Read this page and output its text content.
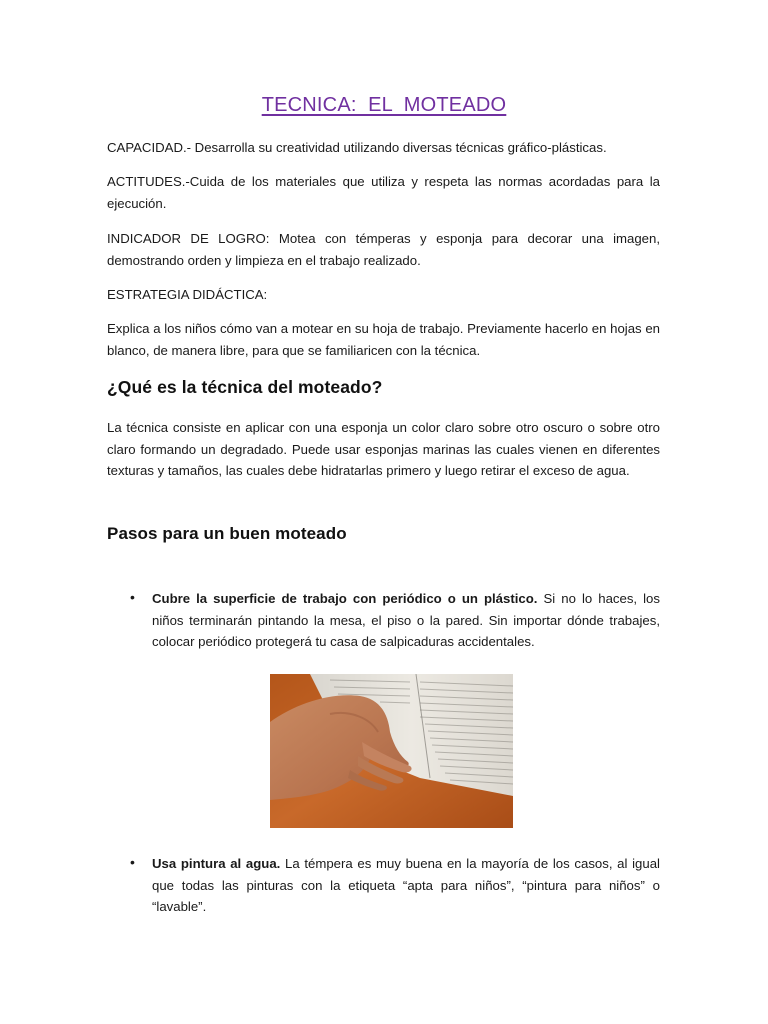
TECNICA:  EL  MOTEADO

CAPACIDAD.- Desarrolla su creatividad utilizando diversas técnicas gráfico-plásticas.

ACTITUDES.-Cuida de los materiales que utiliza y respeta las normas acordadas para la ejecución.

INDICADOR DE LOGRO: Motea con témperas y esponja para decorar una imagen, demostrando orden y limpieza en el trabajo realizado.

ESTRATEGIA DIDÁCTICA:

Explica a los niños cómo van a motear en su hoja de trabajo. Previamente hacerlo en hojas en blanco, de manera libre, para que se familiaricen con la técnica.

¿Qué es la técnica del moteado?

La técnica consiste en aplicar con una esponja un color claro sobre otro oscuro o sobre otro claro formando un degradado. Puede usar esponjas marinas las cuales vienen en diferentes texturas y tamaños, las cuales debe hidratarlas primero y luego retirar el exceso de agua.

Pasos para un buen moteado
• Cubre la superficie de trabajo con periódico o un plástico. Si no lo haces, los niños terminarán pintando la mesa, el piso o la pared. Sin importar dónde trabajes, colocar periódico protegerá tu casa de salpicaduras accidentales.

• Usa pintura al agua. La témpera es muy buena en la mayoría de los casos, al igual que todas las pinturas con la etiqueta “apta para niños”, “pintura para niños” o “lavable”.
